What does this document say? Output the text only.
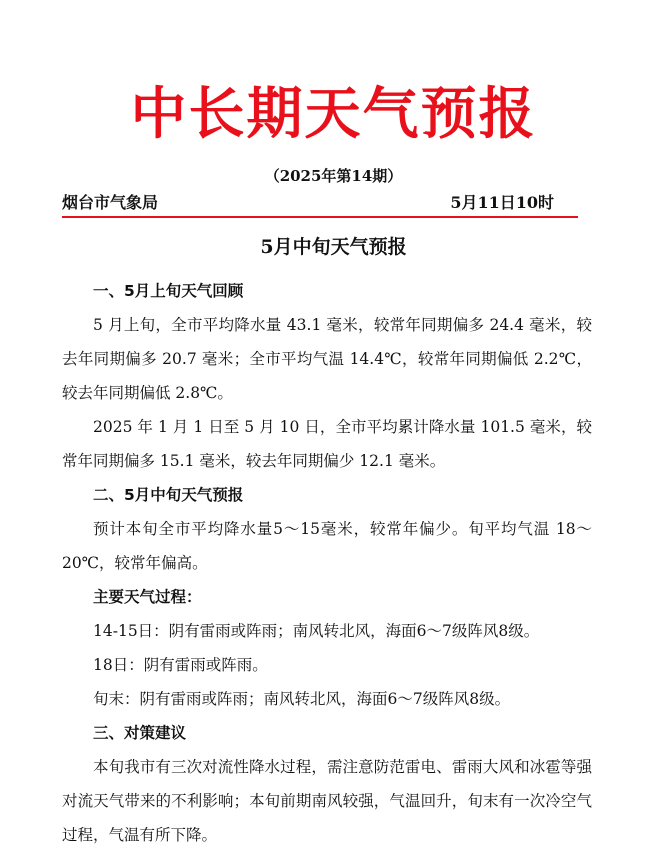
中长期天气预报
（2025年第14期）
烟台市气象局	5月11日10时
5月中旬天气预报

一、5月上旬天气回顾

5 月上旬，全市平均降水量 43.1 毫米，较常年同期偏多 24.4 毫米，较去年同期偏多 20.7 毫米；全市平均气温 14.4℃，较常年同期偏低 2.2℃，较去年同期偏低 2.8℃。

2025 年 1 月 1 日至 5 月 10 日，全市平均累计降水量 101.5 毫米，较常年同期偏多 15.1 毫米，较去年同期偏少 12.1 毫米。

二、5月中旬天气预报

预计本旬全市平均降水量5～15毫米，较常年偏少。旬平均气温 18～20℃，较常年偏高。

主要天气过程：

14-15日：阴有雷雨或阵雨；南风转北风，海面6～7级阵风8级。

18日：阴有雷雨或阵雨。

旬末：阴有雷雨或阵雨；南风转北风，海面6～7级阵风8级。

三、对策建议

本旬我市有三次对流性降水过程，需注意防范雷电、雷雨大风和冰雹等强对流天气带来的不利影响；本旬前期南风较强，气温回升，旬末有一次冷空气过程，气温有所下降。
